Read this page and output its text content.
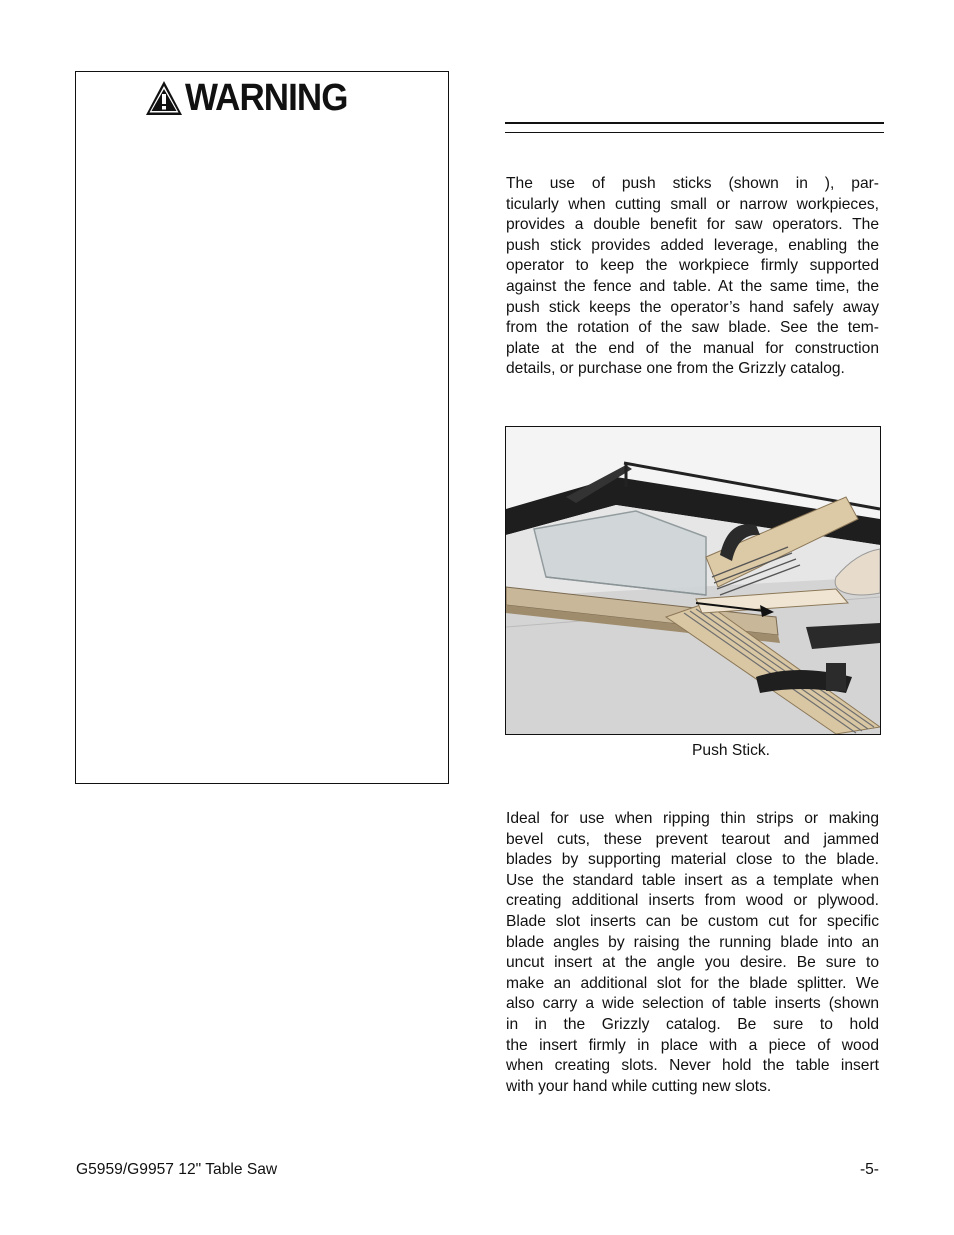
WARNING
The use of push sticks (shown in ), par-
ticularly when cutting small or narrow workpieces,
provides a double benefit for saw operators. The
push stick provides added leverage, enabling the
operator to keep the workpiece firmly supported
against the fence and table. At the same time, the
push stick keeps the operator’s hand safely away
from the rotation of the saw blade. See the tem-
plate at the end of the manual for construction
details, or purchase one from the Grizzly catalog.
Push Stick.
Ideal for use when ripping thin strips or making
bevel cuts, these prevent tearout and jammed
blades by supporting material close to the blade.
Use the standard table insert as a template when
creating additional inserts from wood or plywood.
Blade slot inserts can be custom cut for specific
blade angles by raising the running blade into an
uncut insert at the angle you desire. Be sure to
make an additional slot for the blade splitter. We
also carry a wide selection of table inserts (shown
in in the Grizzly catalog. Be sure to hold
the insert firmly in place with a piece of wood
when creating slots. Never hold the table insert
with your hand while cutting new slots.
G5959/G9957 12" Table Saw	-5-
